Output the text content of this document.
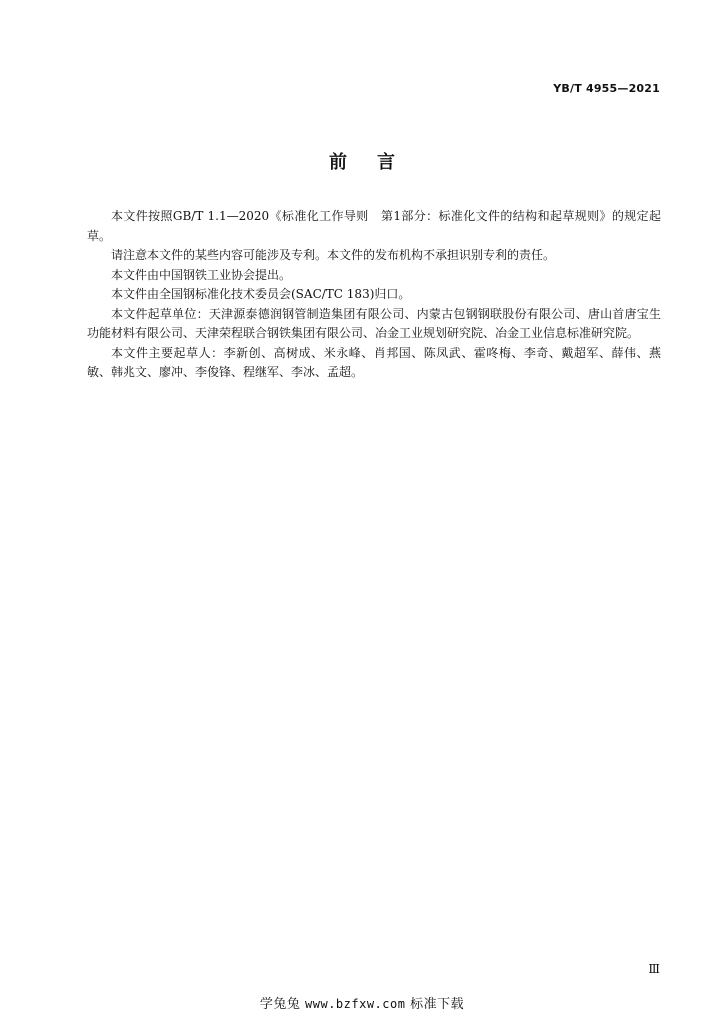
YB/T 4955—2021
前言

本文件按照GB/T 1.1—2020《标准化工作导则　第1部分：标准化文件的结构和起草规则》的规定起草。

请注意本文件的某些内容可能涉及专利。本文件的发布机构不承担识别专利的责任。

本文件由中国钢铁工业协会提出。

本文件由全国钢标准化技术委员会(SAC/TC 183)归口。

本文件起草单位：天津源泰德润钢管制造集团有限公司、内蒙古包钢钢联股份有限公司、唐山首唐宝生功能材料有限公司、天津荣程联合钢铁集团有限公司、冶金工业规划研究院、冶金工业信息标准研究院。

本文件主要起草人：李新创、高树成、米永峰、肖邦国、陈凤武、霍咚梅、李奇、戴超军、薛伟、燕敏、韩兆文、廖冲、李俊锋、程继军、李冰、孟超。

Ⅲ
学兔兔 www.bzfxw.com 标准下载
